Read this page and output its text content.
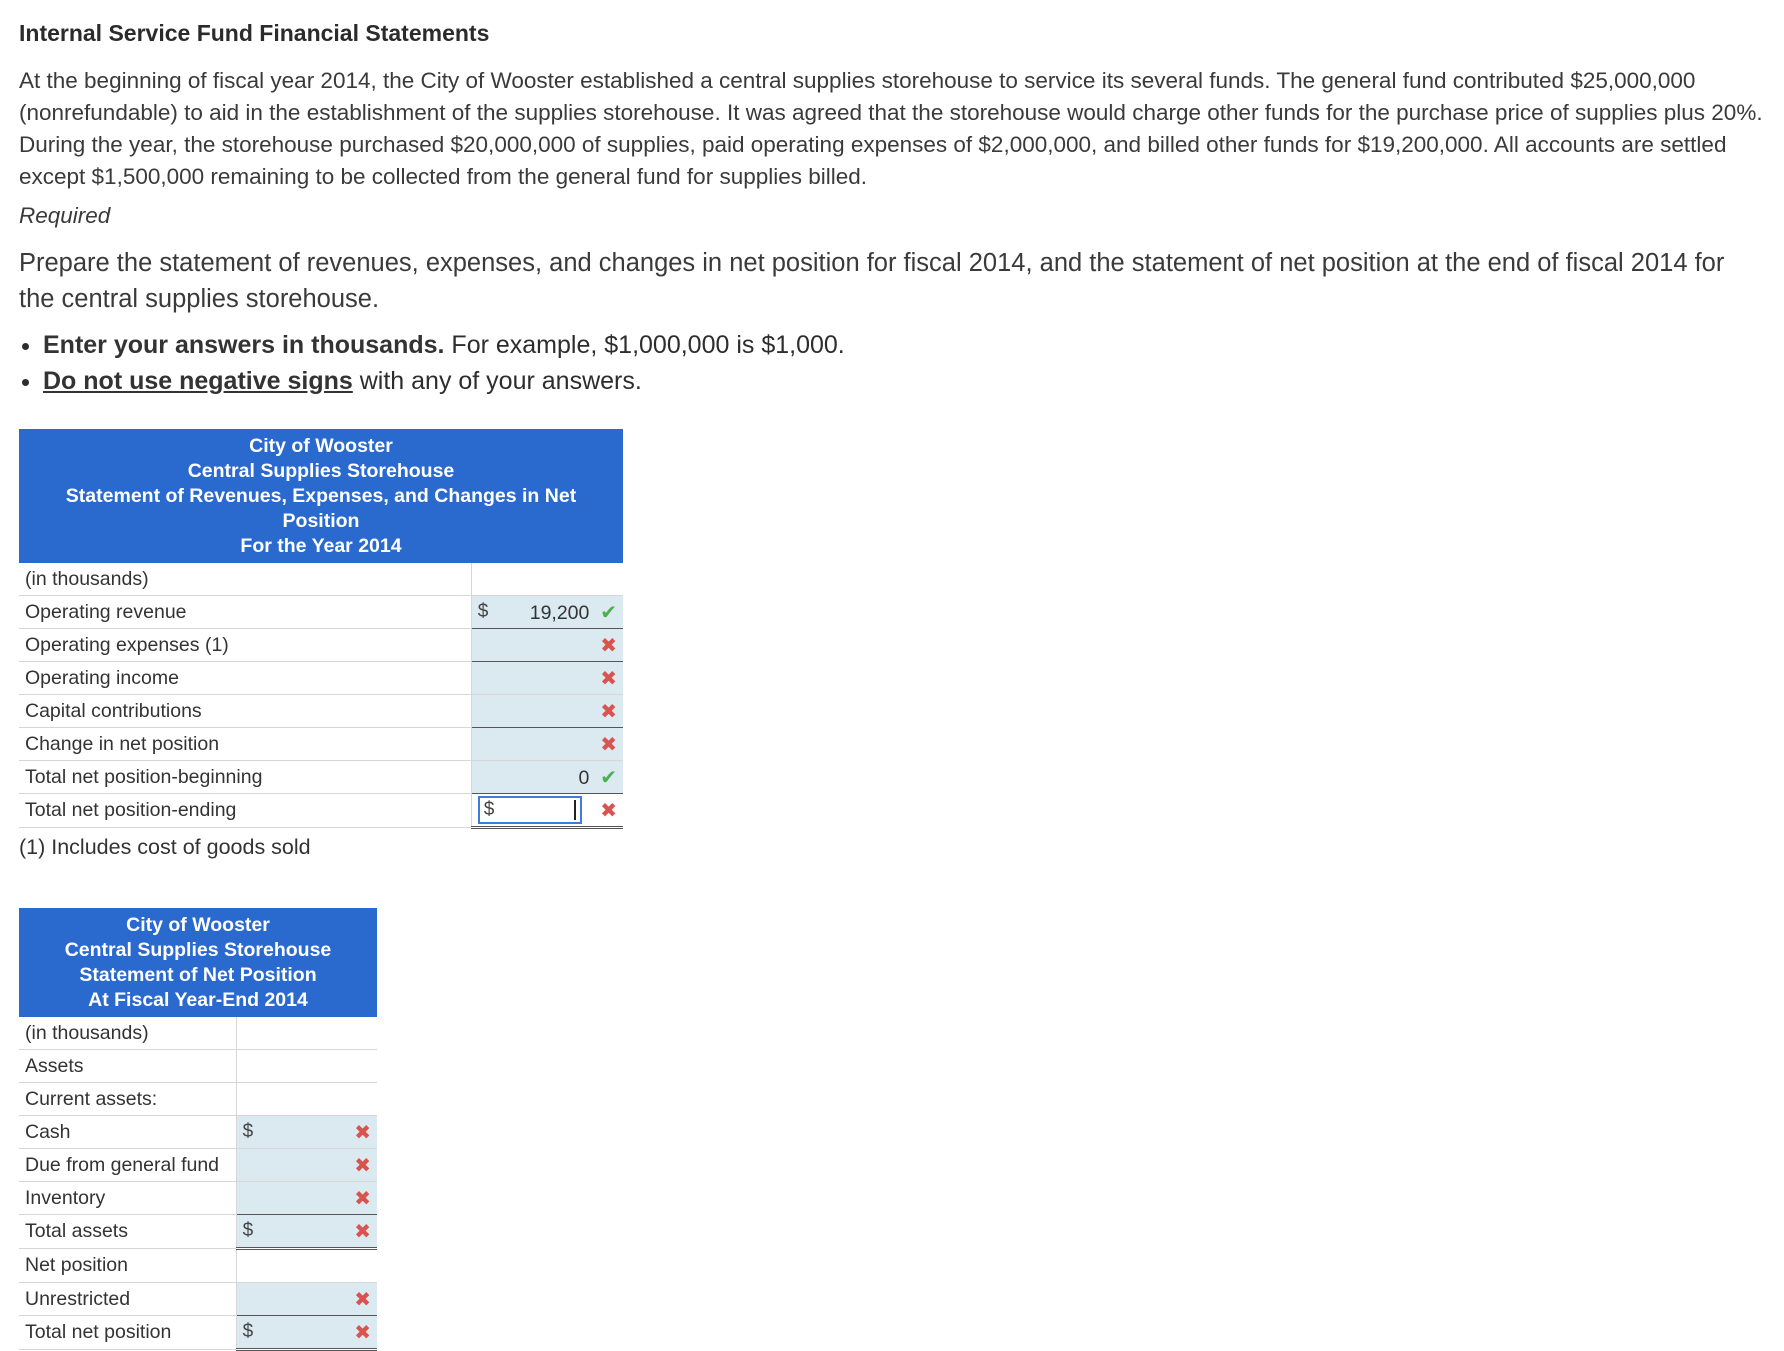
Internal Service Fund Financial Statements

At the beginning of fiscal year 2014, the City of Wooster established a central supplies storehouse to service its several funds. The general fund contributed $25,000,000 (nonrefundable) to aid in the establishment of the supplies storehouse. It was agreed that the storehouse would charge other funds for the purchase price of supplies plus 20%. During the year, the storehouse purchased $20,000,000 of supplies, paid operating expenses of $2,000,000, and billed other funds for $19,200,000. All accounts are settled except $1,500,000 remaining to be collected from the general fund for supplies billed.

Required

Prepare the statement of revenues, expenses, and changes in net position for fiscal 2014, and the statement of net position at the end of fiscal 2014 for the central supplies storehouse.

• Enter your answers in thousands. For example, $1,000,000 is $1,000.
• Do not use negative signs with any of your answers.
City of Wooster
Central Supplies Storehouse
Statement of Revenues, Expenses, and Changes in Net Position
For the Year 2014	

(in thousands)	
Operating revenue	$ 19,200 ✔

Operating expenses (1)	✖

Operating income	✖

Capital contributions	✖

Change in net position	✖

Total net position-beginning	0 ✔

Total net position-ending	$ ✖
(1) Includes cost of goods sold
City of Wooster
Central Supplies Storehouse
Statement of Net Position
At Fiscal Year-End 2014	

(in thousands)	
Assets	
Current assets:	
Cash	$ ✖

Due from general fund	✖

Inventory	✖

Total assets	$ ✖

Net position	
Unrestricted	✖

Total net position	$ ✖
